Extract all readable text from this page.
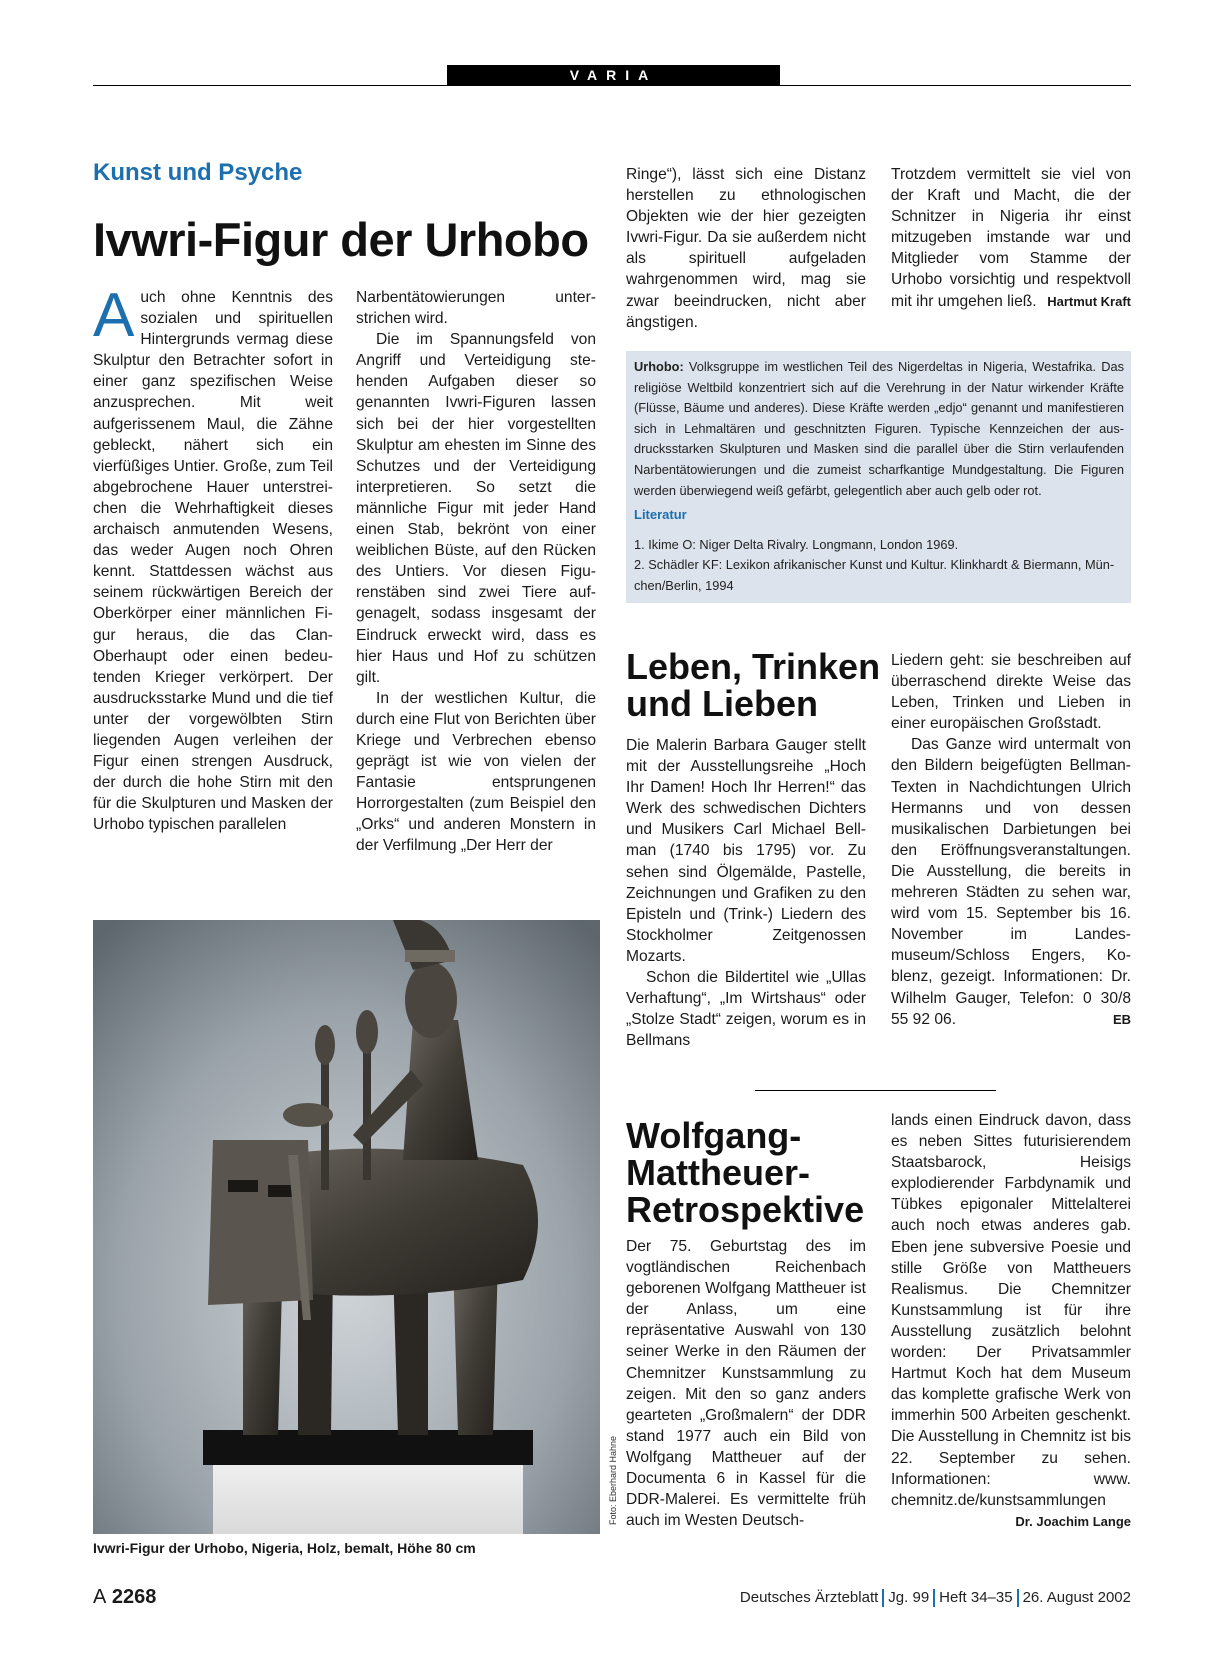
VARIA
Kunst und Psyche
Ivwri-Figur der Urhobo
A uch ohne Kenntnis des sozialen und spirituellen Hintergrunds vermag diese Skulptur den Betrachter sofort in einer ganz spezifischen Weise anzusprechen. Mit weit aufgerissenem Maul, die Zähne gebleckt, nähert sich ein vierfüßiges Untier. Große, zum Teil abgebrochene Hauer unterstreichen die Wehrhaftigkeit dieses archaisch anmutenden Wesens, das weder Augen noch Ohren kennt. Stattdessen wächst aus seinem rückwärtigen Bereich der Oberkörper einer männlichen Figur heraus, die das Clan-Oberhaupt oder einen bedeutenden Krieger verkörpert. Der ausdrucksstarke Mund und die tief unter der vorgewölbten Stirn liegenden Augen verleihen der Figur einen strengen Ausdruck, der durch die hohe Stirn mit den für die Skulpturen und Masken der Urhobo typischen parallelen

Narbentätowierungen unterstrichen wird.

Die im Spannungsfeld von Angriff und Verteidigung stehenden Aufgaben dieser so genannten Ivwri-Figuren lassen sich bei der hier vorgestellten Skulptur am ehesten im Sinne des Schutzes und der Verteidigung interpretieren. So setzt die männliche Figur mit jeder Hand einen Stab, bekrönt von einer weiblichen Büste, auf den Rücken des Untiers. Vor diesen Figurenstäben sind zwei Tiere aufgenagelt, sodass insgesamt der Eindruck erweckt wird, dass es hier Haus und Hof zu schützen gilt.

In der westlichen Kultur, die durch eine Flut von Berichten über Kriege und Verbrechen ebenso geprägt ist wie von vielen der Fantasie entsprungenen Horrorgestalten (zum Beispiel den „Orks“ und anderen Monstern in der Verfilmung „Der Herr der

Ringe“), lässt sich eine Distanz herstellen zu ethnologischen Objekten wie der hier gezeigten Ivwri-Figur. Da sie außerdem nicht als spirituell aufgeladen wahrgenommen wird, mag sie zwar beeindrucken, nicht aber ängstigen.

Trotzdem vermittelt sie viel von der Kraft und Macht, die der Schnitzer in Nigeria ihr einst mitzugeben imstande war und Mitglieder vom Stamme der Urhobo vorsichtig und respektvoll mit ihr umgehen ließ. Hartmut Kraft

Foto: Eberhard Hahne
Ivwri-Figur der Urhobo, Nigeria, Holz, bemalt, Höhe 80 cm
Urhobo: Volksgruppe im westlichen Teil des Nigerdeltas in Nigeria, Westafrika. Das religiöse Weltbild konzentriert sich auf die Verehrung in der Natur wirkender Kräfte (Flüsse, Bäume und anderes). Diese Kräfte werden „edjo“ genannt und manifestieren sich in Lehmaltären und geschnitzten Figuren. Typische Kennzeichen der ausdrucksstarken Skulpturen und Masken sind die parallel über die Stirn verlaufenden Narbentätowierungen und die zumeist scharfkantige Mundgestaltung. Die Figuren werden überwiegend weiß gefärbt, gelegentlich aber auch gelb oder rot.
Literatur
1. Ikime O: Niger Delta Rivalry. Longmann, London 1969.
2. Schädler KF: Lexikon afrikanischer Kunst und Kultur. Klinkhardt & Biermann, München/Berlin, 1994
Leben, Trinken
und Lieben

Die Malerin Barbara Gauger stellt mit der Ausstellungsreihe „Hoch Ihr Damen! Hoch Ihr Herren!“ das Werk des schwedischen Dichters und Musikers Carl Michael Bellman (1740 bis 1795) vor. Zu sehen sind Ölgemälde, Pastelle, Zeichnungen und Grafiken zu den Episteln und (Trink-) Liedern des Stockholmer Zeitgenossen Mozarts.

Schon die Bildertitel wie „Ullas Verhaftung“, „Im Wirtshaus“ oder „Stolze Stadt“ zeigen, worum es in Bellmans

Liedern geht: sie beschreiben auf überraschend direkte Weise das Leben, Trinken und Lieben in einer europäischen Großstadt.

Das Ganze wird untermalt von den Bildern beigefügten Bellman-Texten in Nachdichtungen Ulrich Hermanns und von dessen musikalischen Darbietungen bei den Eröffnungsveranstaltungen. Die Ausstellung, die bereits in mehreren Städten zu sehen war, wird vom 15. September bis 16. November im Landesmuseum/Schloss Engers, Koblenz, gezeigt. Informationen: Dr. Wilhelm Gauger, Telefon: 0 30/8 55 92 06.	EB

Wolfgang-
Mattheuer-
Retrospektive

Der 75. Geburtstag des im vogtländischen Reichenbach geborenen Wolfgang Mattheuer ist der Anlass, um eine repräsentative Auswahl von 130 seiner Werke in den Räumen der Chemnitzer Kunstsammlung zu zeigen. Mit den so ganz anders gearteten „Großmalern“ der DDR stand 1977 auch ein Bild von Wolfgang Mattheuer auf der Documenta 6 in Kassel für die DDR-Malerei. Es vermittelte früh auch im Westen Deutsch-

lands einen Eindruck davon, dass es neben Sittes futurisierendem Staatsbarock, Heisigs explodierender Farbdynamik und Tübkes epigonaler Mittelalterei auch noch etwas anderes gab. Eben jene subversive Poesie und stille Größe von Mattheuers Realismus. Die Chemnitzer Kunstsammlung ist für ihre Ausstellung zusätzlich belohnt worden: Der Privatsammler Hartmut Koch hat dem Museum das komplette grafische Werk von immerhin 500 Arbeiten geschenkt. Die Ausstellung in Chemnitz ist bis 22. September zu sehen. Informationen: www. chemnitz.de/kunstsammlungen

Dr. Joachim Lange

A 2268	Deutsches Ärzteblatt Jg. 99 Heft 34–35 26. August 2002
